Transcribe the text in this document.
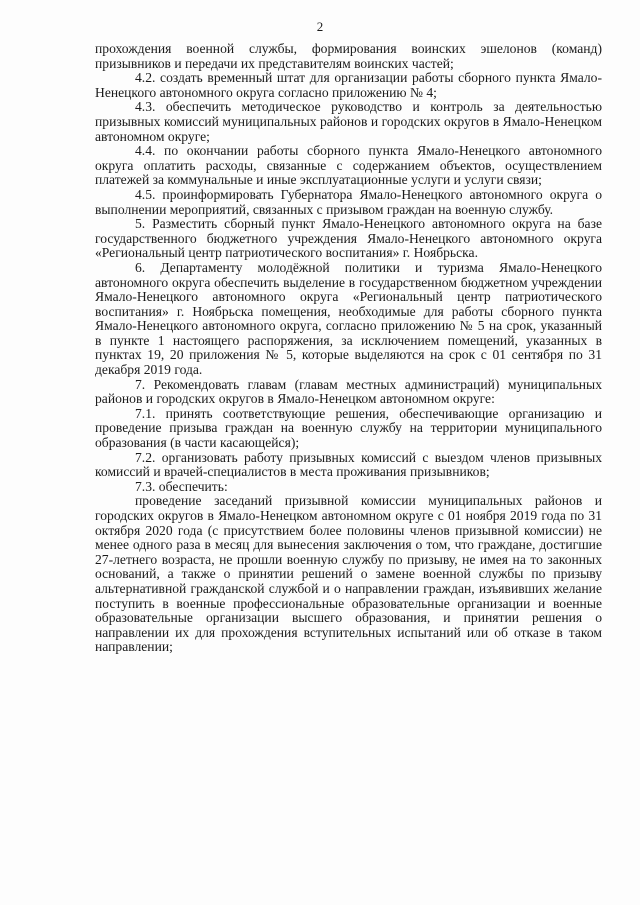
2

прохождения военной службы, формирования воинских эшелонов (команд) призывников и передачи их представителям воинских частей;

4.2. создать временный штат для организации работы сборного пункта Ямало-Ненецкого автономного округа согласно приложению № 4;

4.3. обеспечить методическое руководство и контроль за деятельностью призывных комиссий муниципальных районов и городских округов в Ямало-Ненецком автономном округе;

4.4. по окончании работы сборного пункта Ямало-Ненецкого автономного округа оплатить расходы, связанные с содержанием объектов, осуществлением платежей за коммунальные и иные эксплуатационные услуги и услуги связи;

4.5. проинформировать Губернатора Ямало-Ненецкого автономного округа о выполнении мероприятий, связанных с призывом граждан на военную службу.

5. Разместить сборный пункт Ямало-Ненецкого автономного округа на базе государственного бюджетного учреждения Ямало-Ненецкого автономного округа «Региональный центр патриотического воспитания» г. Ноябрьска.

6. Департаменту молодёжной политики и туризма Ямало-Ненецкого автономного округа обеспечить выделение в государственном бюджетном учреждении Ямало-Ненецкого автономного округа «Региональный центр патриотического воспитания» г. Ноябрьска помещения, необходимые для работы сборного пункта Ямало-Ненецкого автономного округа, согласно приложению № 5 на срок, указанный в пункте 1 настоящего распоряжения, за исключением помещений, указанных в пунктах 19, 20 приложения № 5, которые выделяются на срок с 01 сентября по 31 декабря 2019 года.

7. Рекомендовать главам (главам местных администраций) муниципальных районов и городских округов в Ямало-Ненецком автономном округе:

7.1. принять соответствующие решения, обеспечивающие организацию и проведение призыва граждан на военную службу на территории муниципального образования (в части касающейся);

7.2. организовать работу призывных комиссий с выездом членов призывных комиссий и врачей-специалистов в места проживания призывников;

7.3. обеспечить:

проведение заседаний призывной комиссии муниципальных районов и городских округов в Ямало-Ненецком автономном округе с 01 ноября 2019 года по 31 октября 2020 года (с присутствием более половины членов призывной комиссии) не менее одного раза в месяц для вынесения заключения о том, что граждане, достигшие 27-летнего возраста, не прошли военную службу по призыву, не имея на то законных оснований, а также о принятии решений о замене военной службы по призыву альтернативной гражданской службой и о направлении граждан, изъявивших желание поступить в военные профессиональные образовательные организации и военные образовательные организации высшего образования, и принятии решения о направлении их для прохождения вступительных испытаний или об отказе в таком направлении;
